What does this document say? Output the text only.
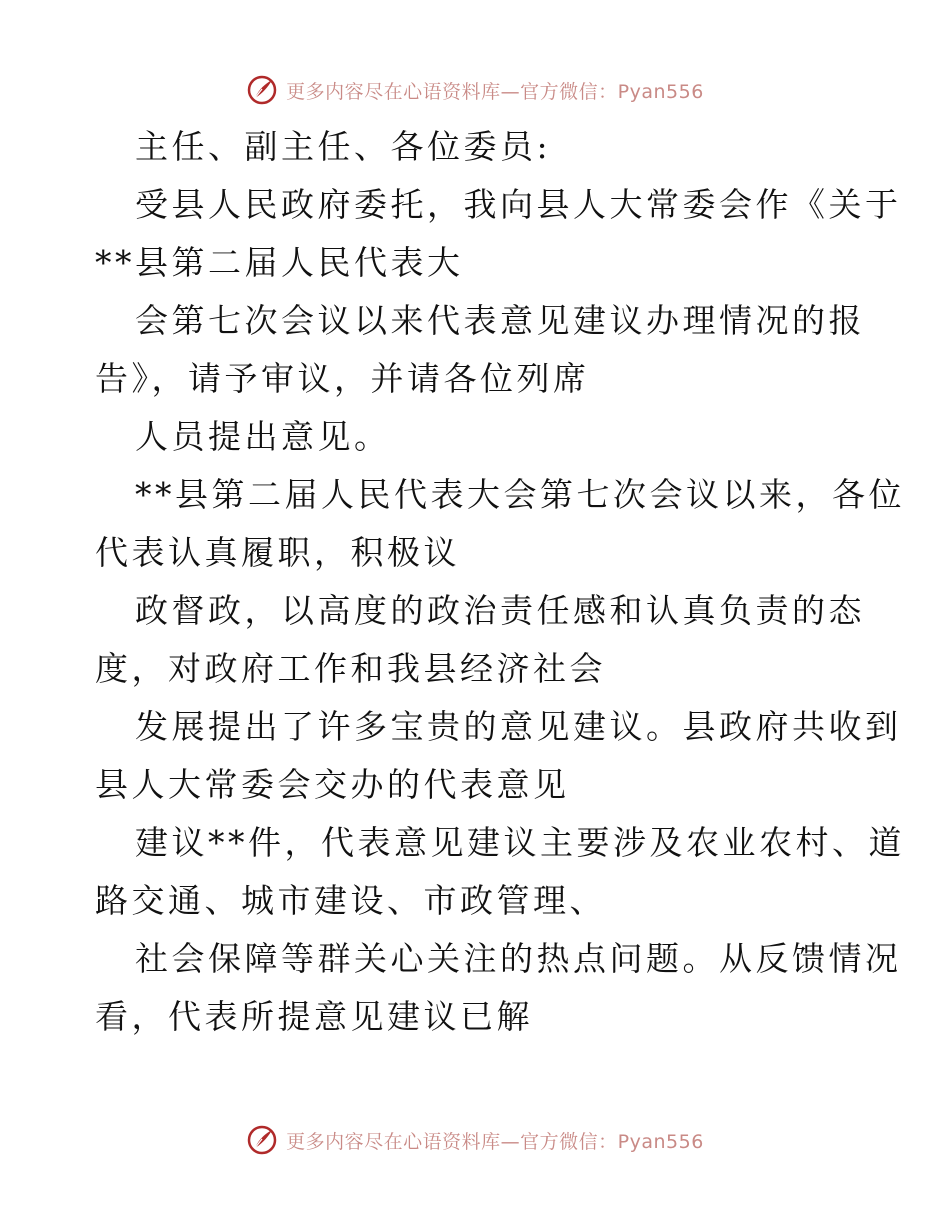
更多内容尽在心语资料库—官方微信：Pyan556
主任、副主任、各位委员:
受县人民政府委托，我向县人大常委会作《关于
**县第二届人民代表大
会第七次会议以来代表意见建议办理情况的报
告》，请予审议，并请各位列席
人员提出意见。
**县第二届人民代表大会第七次会议以来，各位
代表认真履职，积极议
政督政，以高度的政治责任感和认真负责的态
度，对政府工作和我县经济社会
发展提出了许多宝贵的意见建议。县政府共收到
县人大常委会交办的代表意见
建议**件，代表意见建议主要涉及农业农村、道
路交通、城市建设、市政管理、
社会保障等群关心关注的热点问题。从反馈情况
看，代表所提意见建议已解
更多内容尽在心语资料库—官方微信：Pyan556
